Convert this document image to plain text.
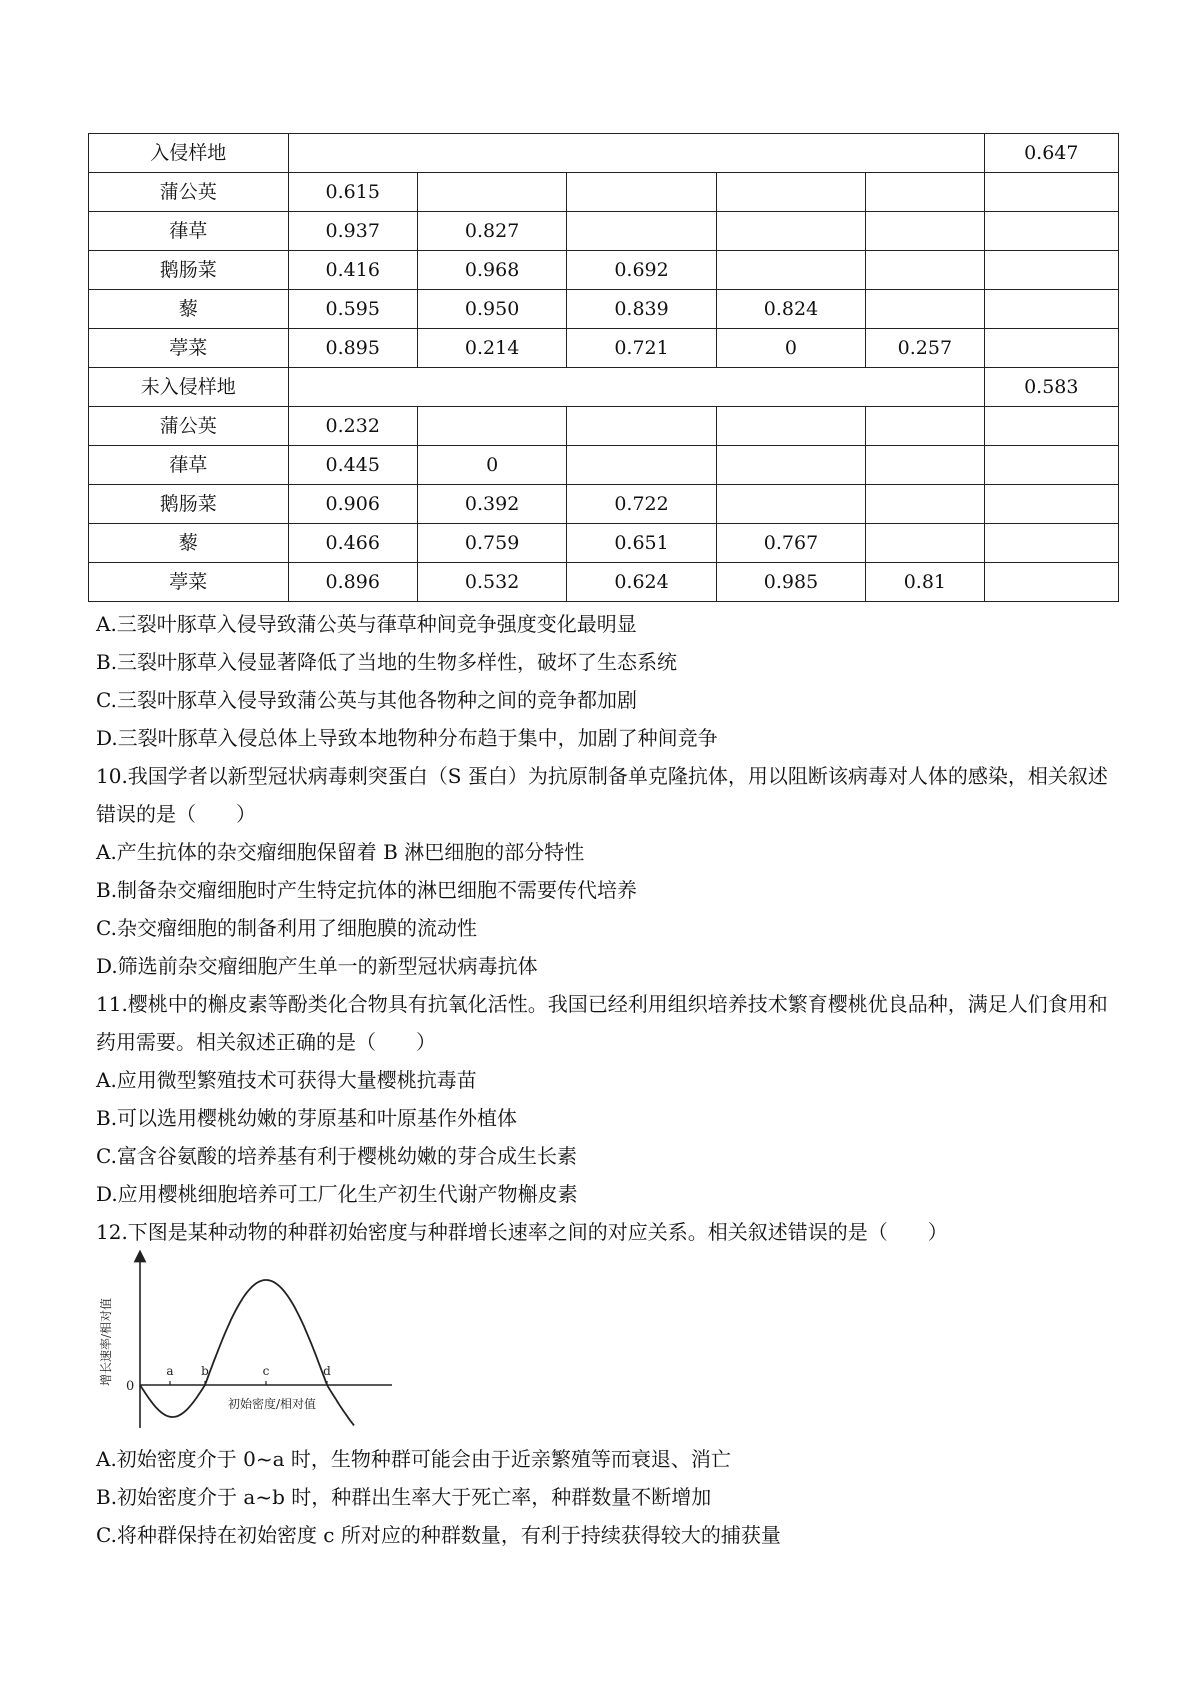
入侵样地						0.647
蒲公英	0.615					
葎草	0.937	0.827				
鹅肠菜	0.416	0.968	0.692			
藜	0.595	0.950	0.839	0.824		
葶菜	0.895	0.214	0.721	0	0.257	
未入侵样地						0.583
蒲公英	0.232					
葎草	0.445	0				
鹅肠菜	0.906	0.392	0.722			
藜	0.466	0.759	0.651	0.767		
葶菜	0.896	0.532	0.624	0.985	0.81	
A.三裂叶豚草入侵导致蒲公英与葎草种间竞争强度变化最明显
B.三裂叶豚草入侵显著降低了当地的生物多样性，破坏了生态系统
C.三裂叶豚草入侵导致蒲公英与其他各物种之间的竞争都加剧
D.三裂叶豚草入侵总体上导致本地物种分布趋于集中，加剧了种间竞争
10.我国学者以新型冠状病毒刺突蛋白（S 蛋白）为抗原制备单克隆抗体，用以阻断该病毒对人体的感染，相关叙述错误的是（　　）
A.产生抗体的杂交瘤细胞保留着 B 淋巴细胞的部分特性
B.制备杂交瘤细胞时产生特定抗体的淋巴细胞不需要传代培养
C.杂交瘤细胞的制备利用了细胞膜的流动性
D.筛选前杂交瘤细胞产生单一的新型冠状病毒抗体
11.樱桃中的槲皮素等酚类化合物具有抗氧化活性。我国已经利用组织培养技术繁育樱桃优良品种，满足人们食用和药用需要。相关叙述正确的是（　　）
A.应用微型繁殖技术可获得大量樱桃抗毒苗
B.可以选用樱桃幼嫩的芽原基和叶原基作外植体
C.富含谷氨酸的培养基有利于樱桃幼嫩的芽合成生长素
D.应用樱桃细胞培养可工厂化生产初生代谢产物槲皮素
12.下图是某种动物的种群初始密度与种群增长速率之间的对应关系。相关叙述错误的是（　　）
增长速率/相对值
0
初始密度/相对值
a b	c	d
A.初始密度介于 0~a 时，生物种群可能会由于近亲繁殖等而衰退、消亡
B.初始密度介于 a~b 时，种群出生率大于死亡率，种群数量不断增加
C.将种群保持在初始密度 c 所对应的种群数量，有利于持续获得较大的捕获量
